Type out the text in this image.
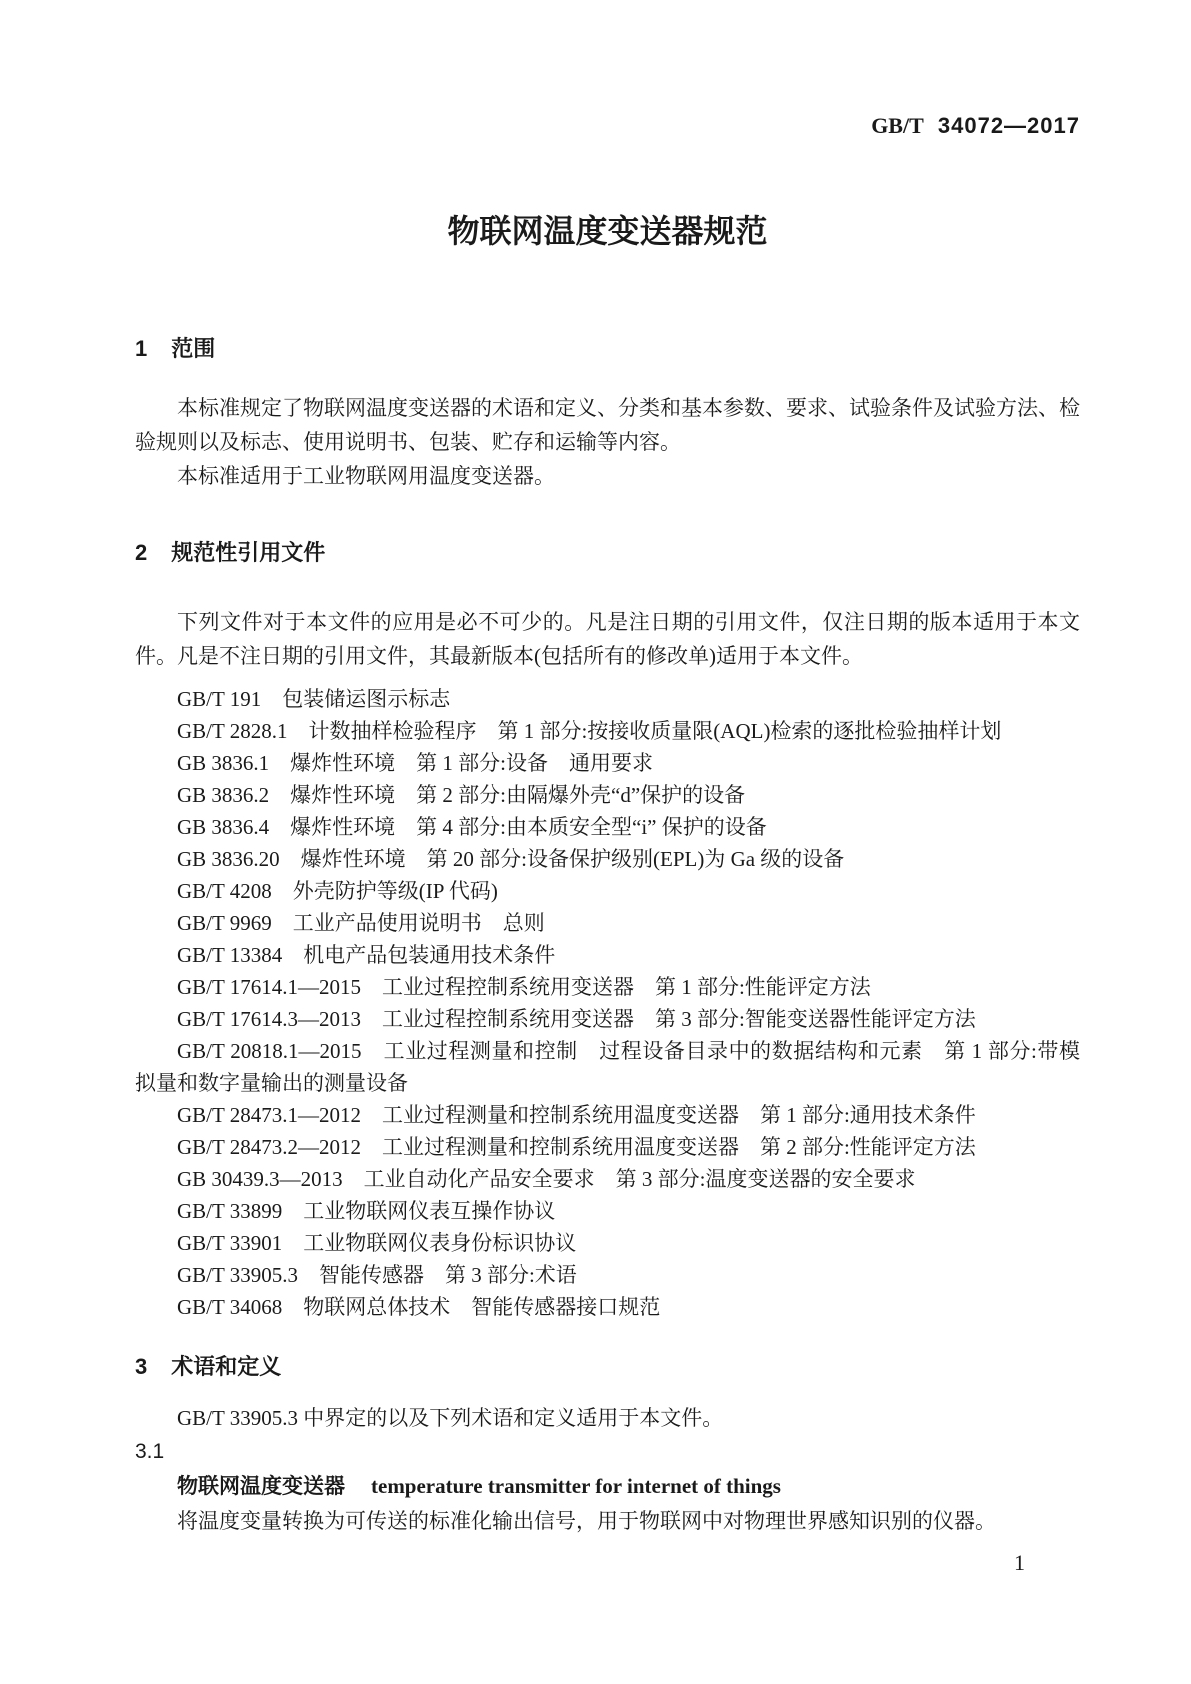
GB/T 34072—2017
物联网温度变送器规范
1 范围

本标准规定了物联网温度变送器的术语和定义、分类和基本参数、要求、试验条件及试验方法、检验规则以及标志、使用说明书、包装、贮存和运输等内容。

本标准适用于工业物联网用温度变送器。

2 规范性引用文件

下列文件对于本文件的应用是必不可少的。凡是注日期的引用文件，仅注日期的版本适用于本文件。凡是不注日期的引用文件，其最新版本(包括所有的修改单)适用于本文件。

GB/T 191　包装储运图示标志

GB/T 2828.1　计数抽样检验程序　第 1 部分:按接收质量限(AQL)检索的逐批检验抽样计划

GB 3836.1　爆炸性环境　第 1 部分:设备　通用要求

GB 3836.2　爆炸性环境　第 2 部分:由隔爆外壳“d”保护的设备

GB 3836.4　爆炸性环境　第 4 部分:由本质安全型“i” 保护的设备

GB 3836.20　爆炸性环境　第 20 部分:设备保护级别(EPL)为 Ga 级的设备

GB/T 4208　外壳防护等级(IP 代码)

GB/T 9969　工业产品使用说明书　总则

GB/T 13384　机电产品包装通用技术条件

GB/T 17614.1—2015　工业过程控制系统用变送器　第 1 部分:性能评定方法

GB/T 17614.3—2013　工业过程控制系统用变送器　第 3 部分:智能变送器性能评定方法

GB/T 20818.1—2015　工业过程测量和控制　过程设备目录中的数据结构和元素　第 1 部分:带模拟量和数字量输出的测量设备

GB/T 28473.1—2012　工业过程测量和控制系统用温度变送器　第 1 部分:通用技术条件

GB/T 28473.2—2012　工业过程测量和控制系统用温度变送器　第 2 部分:性能评定方法

GB 30439.3—2013　工业自动化产品安全要求　第 3 部分:温度变送器的安全要求

GB/T 33899　工业物联网仪表互操作协议

GB/T 33901　工业物联网仪表身份标识协议

GB/T 33905.3　智能传感器　第 3 部分:术语

GB/T 34068　物联网总体技术　智能传感器接口规范

3 术语和定义

GB/T 33905.3 中界定的以及下列术语和定义适用于本文件。

3.1

物联网温度变送器 temperature transmitter for internet of things

将温度变量转换为可传送的标准化输出信号，用于物联网中对物理世界感知识别的仪器。

1
